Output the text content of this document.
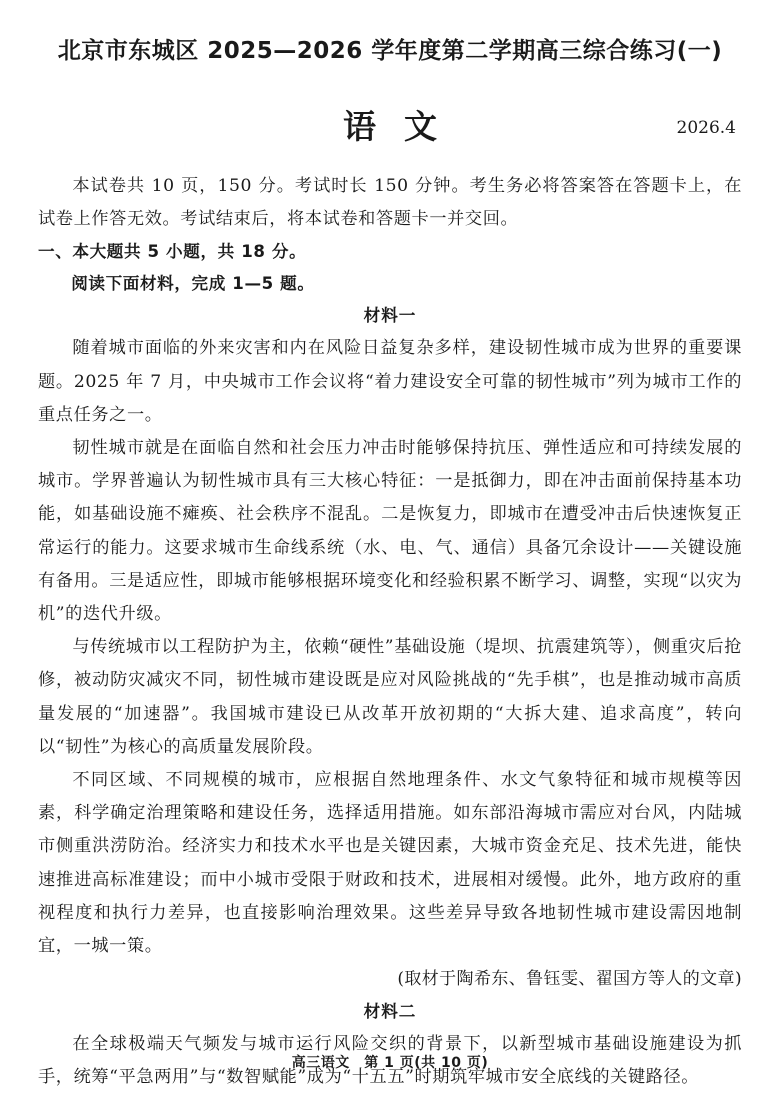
北京市东城区 2025—2026 学年度第二学期高三综合练习(一)
语文	2026.4

本试卷共 10 页，150 分。考试时长 150 分钟。考生务必将答案答在答题卡上，在试卷上作答无效。考试结束后，将本试卷和答题卡一并交回。

一、本大题共 5 小题，共 18 分。

阅读下面材料，完成 1—5 题。

材料一

随着城市面临的外来灾害和内在风险日益复杂多样，建设韧性城市成为世界的重要课题。2025 年 7 月，中央城市工作会议将“着力建设安全可靠的韧性城市”列为城市工作的重点任务之一。

韧性城市就是在面临自然和社会压力冲击时能够保持抗压、弹性适应和可持续发展的城市。学界普遍认为韧性城市具有三大核心特征：一是抵御力，即在冲击面前保持基本功能，如基础设施不瘫痪、社会秩序不混乱。二是恢复力，即城市在遭受冲击后快速恢复正常运行的能力。这要求城市生命线系统（水、电、气、通信）具备冗余设计——关键设施有备用。三是适应性，即城市能够根据环境变化和经验积累不断学习、调整，实现“以灾为机”的迭代升级。

与传统城市以工程防护为主，依赖“硬性”基础设施（堤坝、抗震建筑等），侧重灾后抢修，被动防灾减灾不同，韧性城市建设既是应对风险挑战的“先手棋”，也是推动城市高质量发展的“加速器”。我国城市建设已从改革开放初期的“大拆大建、追求高度”，转向以“韧性”为核心的高质量发展阶段。

不同区域、不同规模的城市，应根据自然地理条件、水文气象特征和城市规模等因素，科学确定治理策略和建设任务，选择适用措施。如东部沿海城市需应对台风，内陆城市侧重洪涝防治。经济实力和技术水平也是关键因素，大城市资金充足、技术先进，能快速推进高标准建设；而中小城市受限于财政和技术，进展相对缓慢。此外，地方政府的重视程度和执行力差异，也直接影响治理效果。这些差异导致各地韧性城市建设需因地制宜，一城一策。

(取材于陶希东、鲁钰雯、翟国方等人的文章)

材料二

在全球极端天气频发与城市运行风险交织的背景下，以新型城市基础设施建设为抓手，统筹“平急两用”与“数智赋能”成为“十五五”时期筑牢城市安全底线的关键路径。

高三语文　第 1 页(共 10 页)
